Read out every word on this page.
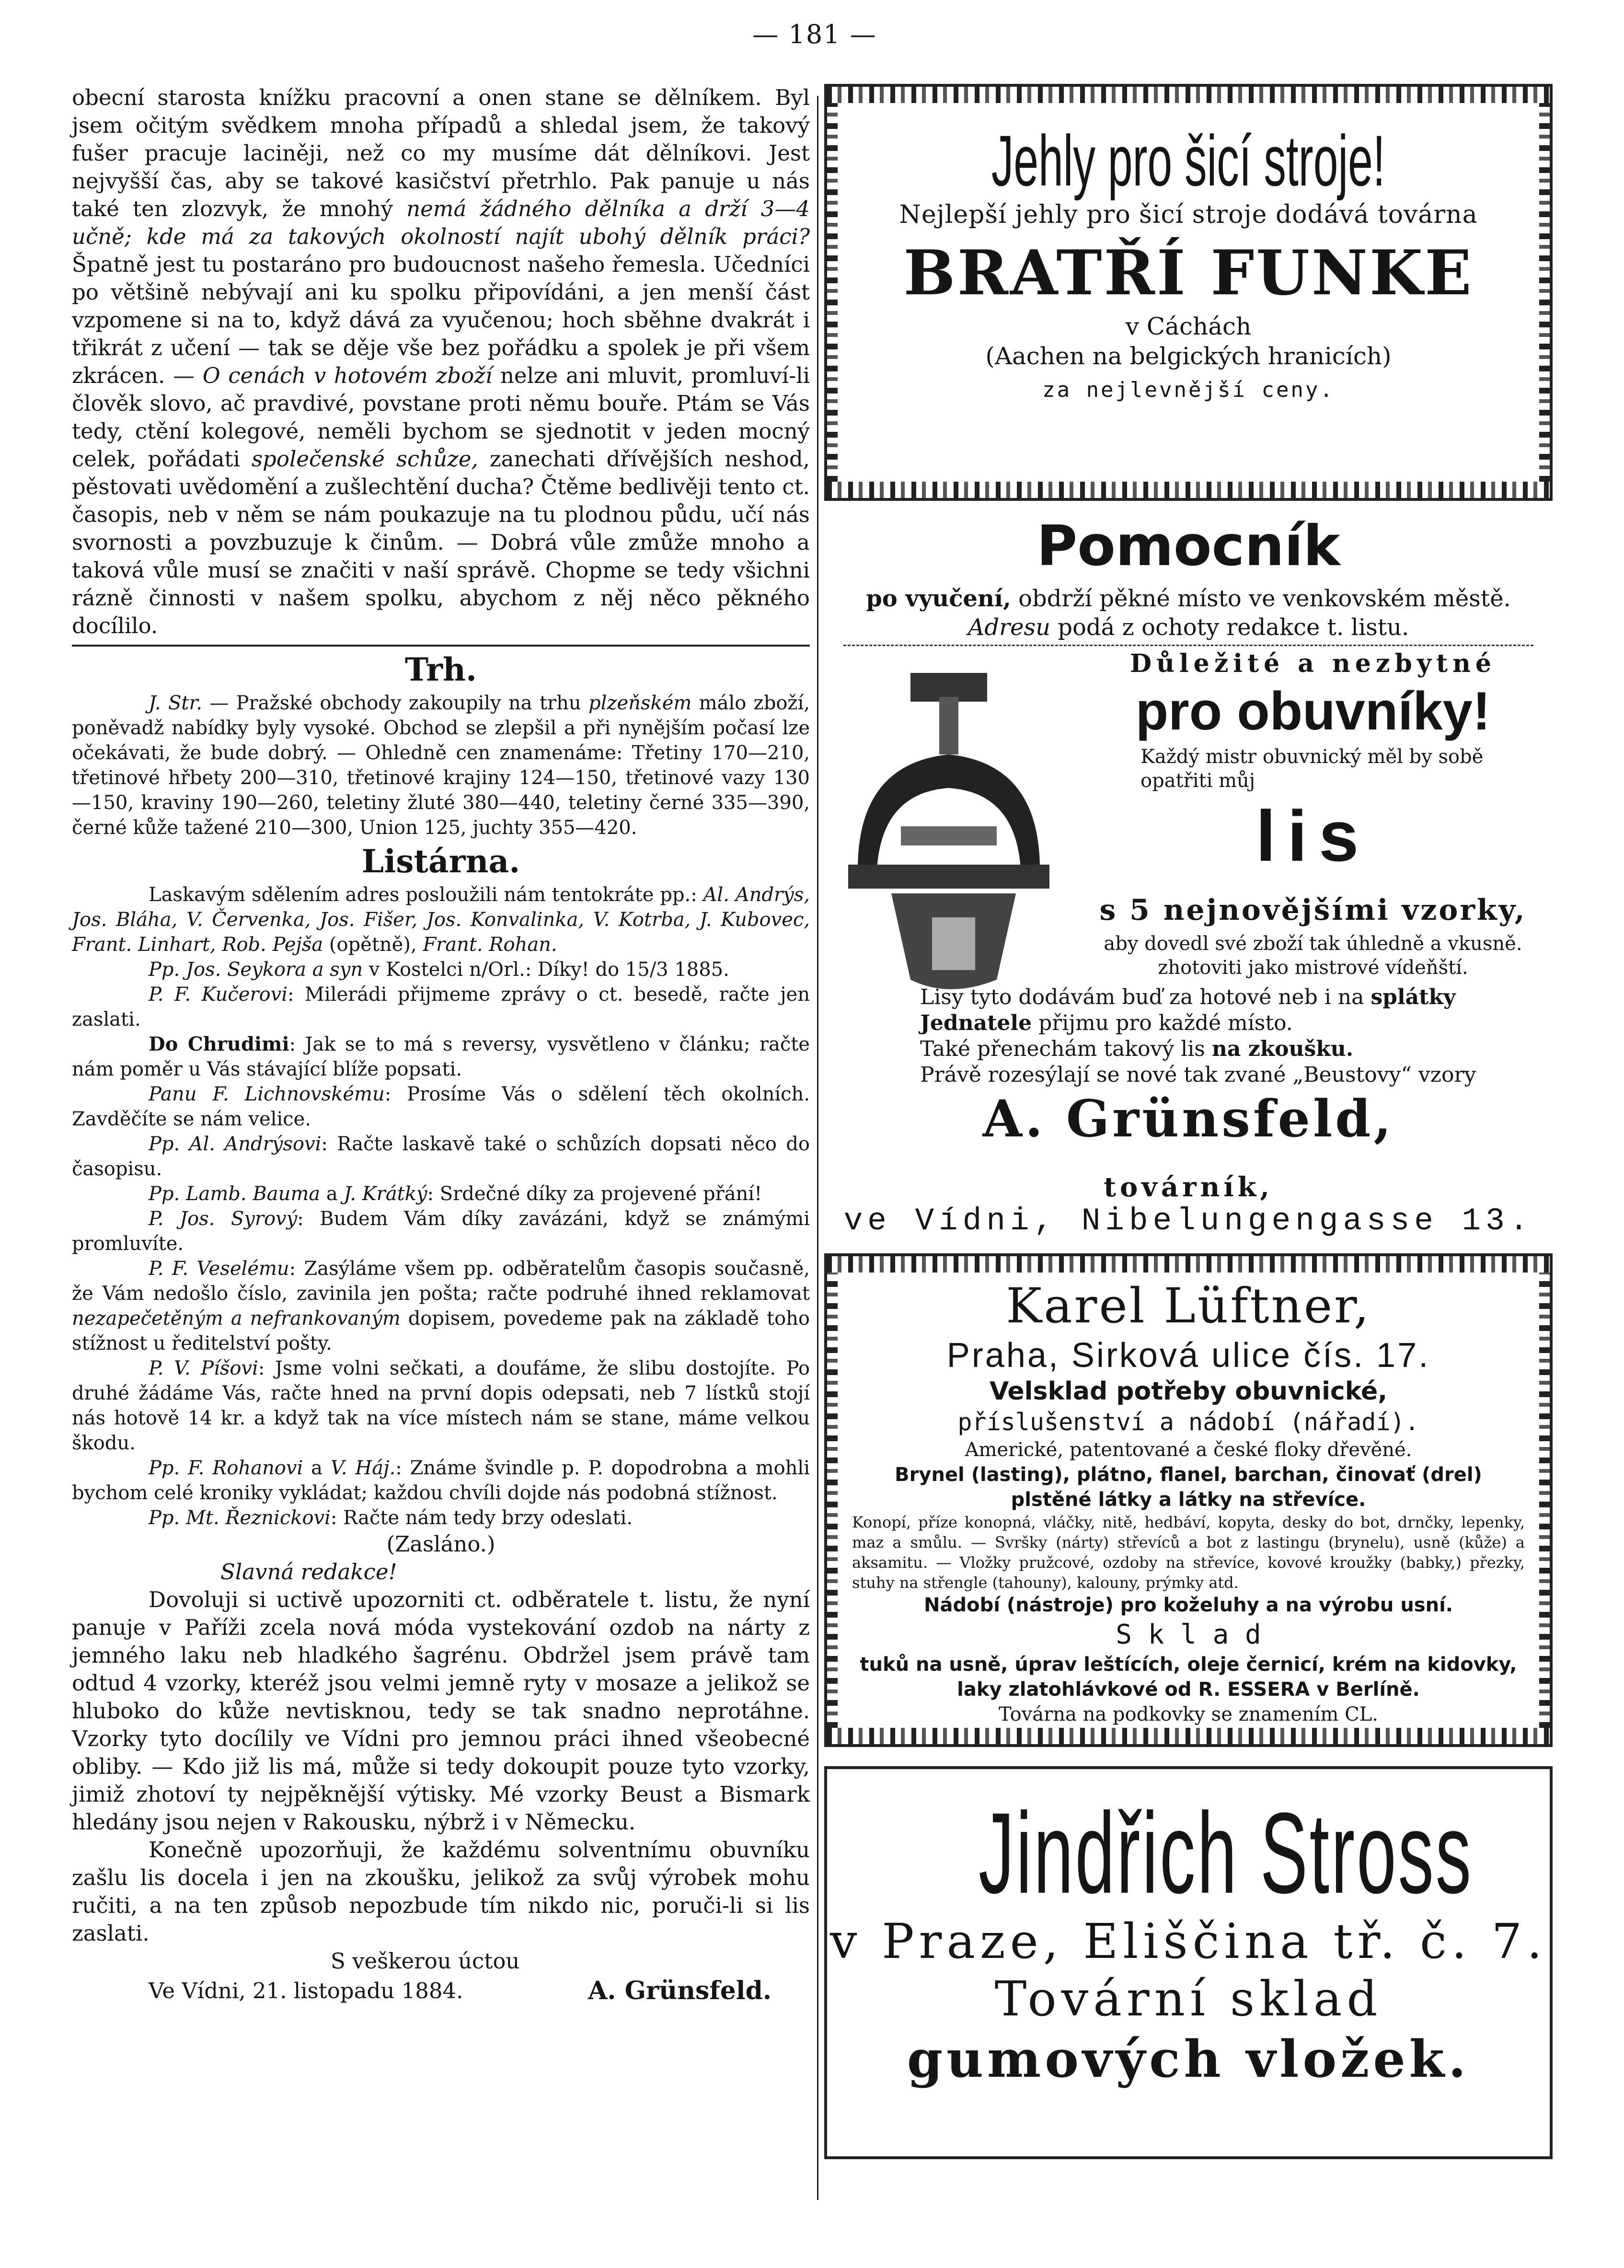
— 181 —

obecní starosta knížku pracovní a onen stane se dělníkem. Byl jsem očitým svědkem mnoha případů a shledal jsem, že takový fušer pracuje laciněji, než co my musíme dát dělníkovi. Jest nejvyšší čas, aby se takové kasičství přetrhlo. Pak panuje u nás také ten zlozvyk, že mnohý nemá žádného dělníka a drží 3—4 učně; kde má za takových okolností najít ubohý dělník práci? Špatně jest tu postaráno pro budoucnost našeho řemesla. Učedníci po většině nebývají ani ku spolku připovídáni, a jen menší část vzpomene si na to, když dává za vyučenou; hoch sběhne dvakrát i třikrát z učení — tak se děje vše bez pořádku a spolek je při všem zkrácen. — O cenách v hotovém zboží nelze ani mluvit, promluví-li člověk slovo, ač pravdivé, povstane proti němu bouře. Ptám se Vás tedy, ctění kolegové, neměli bychom se sjednotit v jeden mocný celek, pořádati společenské schůze, zanechati dřívějších neshod, pěstovati uvědomění a zušlechtění ducha? Čtěme bedlivěji tento ct. časopis, neb v něm se nám poukazuje na tu plodnou půdu, učí nás svornosti a povzbuzuje k činům. — Dobrá vůle zmůže mnoho a taková vůle musí se značiti v naší správě. Chopme se tedy všichni rázně činnosti v našem spolku, abychom z něj něco pěkného docílilo.

Trh.

J. Str. — Pražské obchody zakoupily na trhu plzeňském málo zboží, poněvadž nabídky byly vysoké. Obchod se zlepšil a při nynějším počasí lze očekávati, že bude dobrý. — Ohledně cen znamenáme: Třetiny 170—210, třetinové hřbety 200—310, třetinové krajiny 124—150, třetinové vazy 130—150, kraviny 190—260, teletiny žluté 380—440, teletiny černé 335—390, černé kůže tažené 210—300, Union 125, juchty 355—420.

Listárna.

Laskavým sdělením adres posloužili nám tentokráte pp.: Al. Andrýs, Jos. Bláha, V. Červenka, Jos. Fišer, Jos. Konvalinka, V. Kotrba, J. Kubovec, Frant. Linhart, Rob. Pejša (opětně), Frant. Rohan.

Pp. Jos. Seykora a syn v Kostelci n/Orl.: Díky! do 15/3 1885.

P. F. Kučerovi: Milerádi přijmeme zprávy o ct. besedě, račte jen zaslati.

Do Chrudimi: Jak se to má s reversy, vysvětleno v článku; račte nám poměr u Vás stávající blíže popsati.

Panu F. Lichnovskému: Prosíme Vás o sdělení těch okolních. Zavděčíte se nám velice.

Pp. Al. Andrýsovi: Račte laskavě také o schůzích dopsati něco do časopisu.

Pp. Lamb. Bauma a J. Krátký: Srdečné díky za projevené přání!

P. Jos. Syrový: Budem Vám díky zavázáni, když se známými promluvíte.

P. F. Veselému: Zasýláme všem pp. odběratelům časopis současně, že Vám nedošlo číslo, zavinila jen pošta; račte podruhé ihned reklamovat nezapečetěným a nefrankovaným dopisem, povedeme pak na základě toho stížnost u ředitelství pošty.

P. V. Píšovi: Jsme volni sečkati, a doufáme, že slibu dostojíte. Po druhé žádáme Vás, račte hned na první dopis odepsati, neb 7 lístků stojí nás hotově 14 kr. a když tak na více místech nám se stane, máme velkou škodu.

Pp. F. Rohanovi a V. Háj.: Známe švindle p. P. dopodrobna a mohli bychom celé kroniky vykládat; každou chvíli dojde nás podobná stížnost.

Pp. Mt. Řeznickovi: Račte nám tedy brzy odeslati.

(Zasláno.)
Slavná redakce!

Dovoluji si uctivě upozorniti ct. odběratele t. listu, že nyní panuje v Paříži zcela nová móda vystekování ozdob na nárty z jemného laku neb hladkého šagrénu. Obdržel jsem právě tam odtud 4 vzorky, kteréž jsou velmi jemně ryty v mosaze a jelikož se hluboko do kůže nevtisknou, tedy se tak snadno neprotáhne. Vzorky tyto docílily ve Vídni pro jemnou práci ihned všeobecné obliby. — Kdo již lis má, může si tedy dokoupit pouze tyto vzorky, jimiž zhotoví ty nejpěknější výtisky. Mé vzorky Beust a Bismark hledány jsou nejen v Rakousku, nýbrž i v Německu.

Konečně upozorňuji, že každému solventnímu obuvníku zašlu lis docela i jen na zkoušku, jelikož za svůj výrobek mohu ručiti, a na ten způsob nepozbude tím nikdo nic, poruči-li si lis zaslati.

S veškerou úctou
Ve Vídni, 21. listopadu 1884.	A. Grünsfeld.
Jehly pro šicí stroje!
Nejlepší jehly pro šicí stroje dodává továrna
BRATŘÍ FUNKE
v Cáchách
(Aachen na belgických hranicích)
za nejlevnější ceny.
Pomocník
po vyučení, obdrží pěkné místo ve venkovském městě.
Adresu podá z ochoty redakce t. listu.
Důležité a nezbytné
pro obuvníky!
Každý mistr obuvnický měl by sobě opatřiti můj
lis
s 5 nejnovějšími vzorky,
aby dovedl své zboží tak úhledně a vkusně.
zhotoviti jako mistrové vídeňští.
Lisy tyto dodávám buď za hotové neb i na splátky
Jednatele přijmu pro každé místo.
Také přenechám takový lis na zkoušku.
Právě rozesýlají se nové tak zvané „Beustovy“ vzory
A. Grünsfeld,
továrník,
ve Vídni, Nibelungengasse 13.
Karel Lüftner,
Praha, Sirková ulice čís. 17.
Velsklad potřeby obuvnické,
příslušenství a nádobí (nářadí).
Americké, patentované a české floky dřevěné.
Brynel (lasting), plátno, flanel, barchan, činovať (drel)
plstěné látky a látky na střevíce.
Konopí, příze konopná, vláčky, nitě, hedbáví, kopyta, desky do bot, drnčky, lepenky, maz a smůlu. — Svršky (nárty) střevíců a bot z lastingu (brynelu), usně (kůže) a aksamitu. — Vložky pružcové, ozdoby na střevíce, kovové kroužky (babky,) přezky, stuhy na střengle (tahouny), kalouny, prýmky atd.
Nádobí (nástroje) pro koželuhy a na výrobu usní.
S k l a d
tuků na usně, úprav leštících, oleje černicí, krém na kidovky, laky zlatohlávkové od R. ESSERA v Berlíně.
Továrna na podkovky se znamením CL.
Jindřich Stross
v Praze, Eliščina tř. č. 7.
Tovární sklad
gumových vložek.
